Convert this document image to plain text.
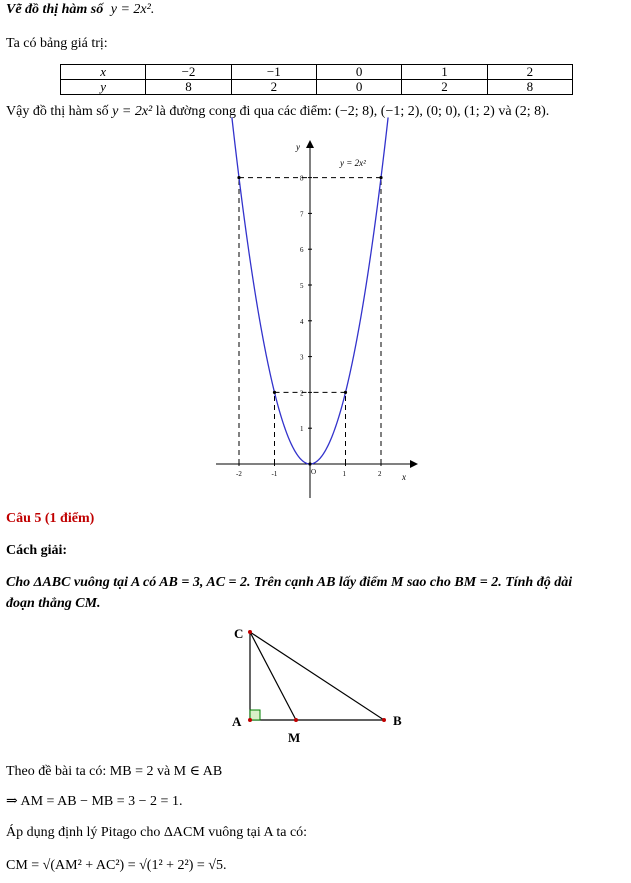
Vẽ đồ thị hàm số y = 2x².
Ta có bảng giá trị:
x	−2	−1	0	1	2
y	8	2	0	2	8
Vậy đồ thị hàm số y = 2x² là đường cong đi qua các điểm: (−2; 8), (−1; 2), (0; 0), (1; 2) và (2; 8).
-2	-1	1	2
1
2
3
4
5
6
7
8
x
y
O
y = 2x²
Câu 5 (1 điểm)
Cách giải:
Cho ΔABC vuông tại A có AB = 3, AC = 2. Trên cạnh AB lấy điểm M sao cho BM = 2. Tính độ dài
đoạn thẳng CM.
C
A	B
M
Theo đề bài ta có: MB = 2 và M ∈ AB
⇒ AM = AB − MB = 3 − 2 = 1.
Áp dụng định lý Pitago cho ΔACM vuông tại A ta có:
CM = √(AM² + AC²) = √(1² + 2²) = √5.
